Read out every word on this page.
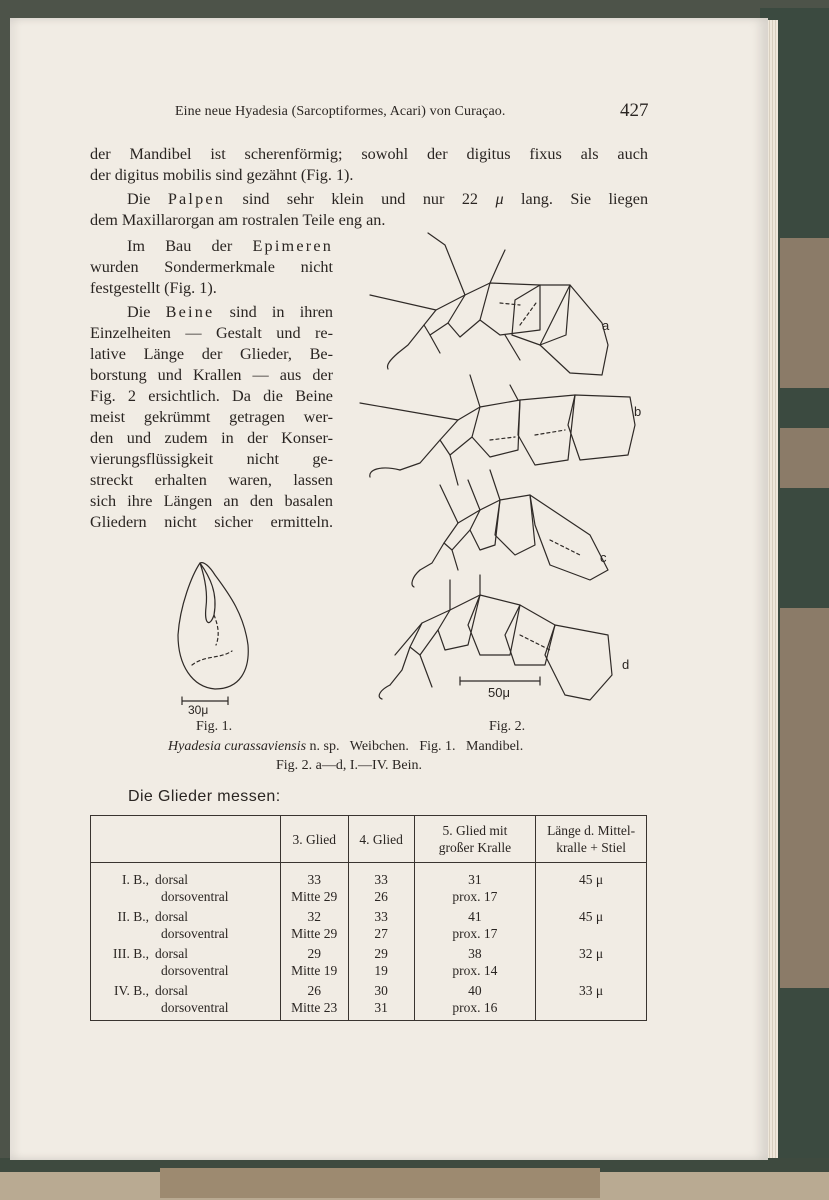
Eine neue Hyadesia (Sarcoptiformes, Acari) von Curaçao.	427
der Mandibel ist scherenförmig; sowohl der digitus fixus als auch
der digitus mobilis sind gezähnt (Fig. 1).
Die Palpen sind sehr klein und nur 22 μ lang. Sie liegen
dem Maxillarorgan am rostralen Teile eng an.
Im Bau der Epimeren
wurden Sondermerkmale nicht
festgestellt (Fig. 1).
Die Beine sind in ihren
Einzelheiten — Gestalt und re-
lative Länge der Glieder, Be-
borstung und Krallen — aus der
Fig. 2 ersichtlich. Da die Beine
meist gekrümmt getragen wer-
den und zudem in der Konser-
vierungsflüssigkeit nicht ge-
streckt erhalten waren, lassen
sich ihre Längen an den basalen
Gliedern nicht sicher ermitteln.
a
b
c
d
50μ
30μ
Fig. 1.	Fig. 2.
Hyadesia curassaviensis n. sp.   Weibchen.   Fig. 1.   Mandibel.
Fig. 2. a—d, I.—IV. Bein.
Die Glieder messen:
	3. Glied	4. Glied	5. Glied mit
großer Kralle	Länge d. Mittel-
kralle + Stiel
I. B., dorsal	33	33	31	45 μ
dorsoventral	Mitte 29	26	prox. 17	
II. B., dorsal	32	33	41	45 μ
dorsoventral	Mitte 29	27	prox. 17	
III. B., dorsal	29	29	38	32 μ
dorsoventral	Mitte 19	19	prox. 14	
IV. B., dorsal	26	30	40	33 μ
dorsoventral	Mitte 23	31	prox. 16	
